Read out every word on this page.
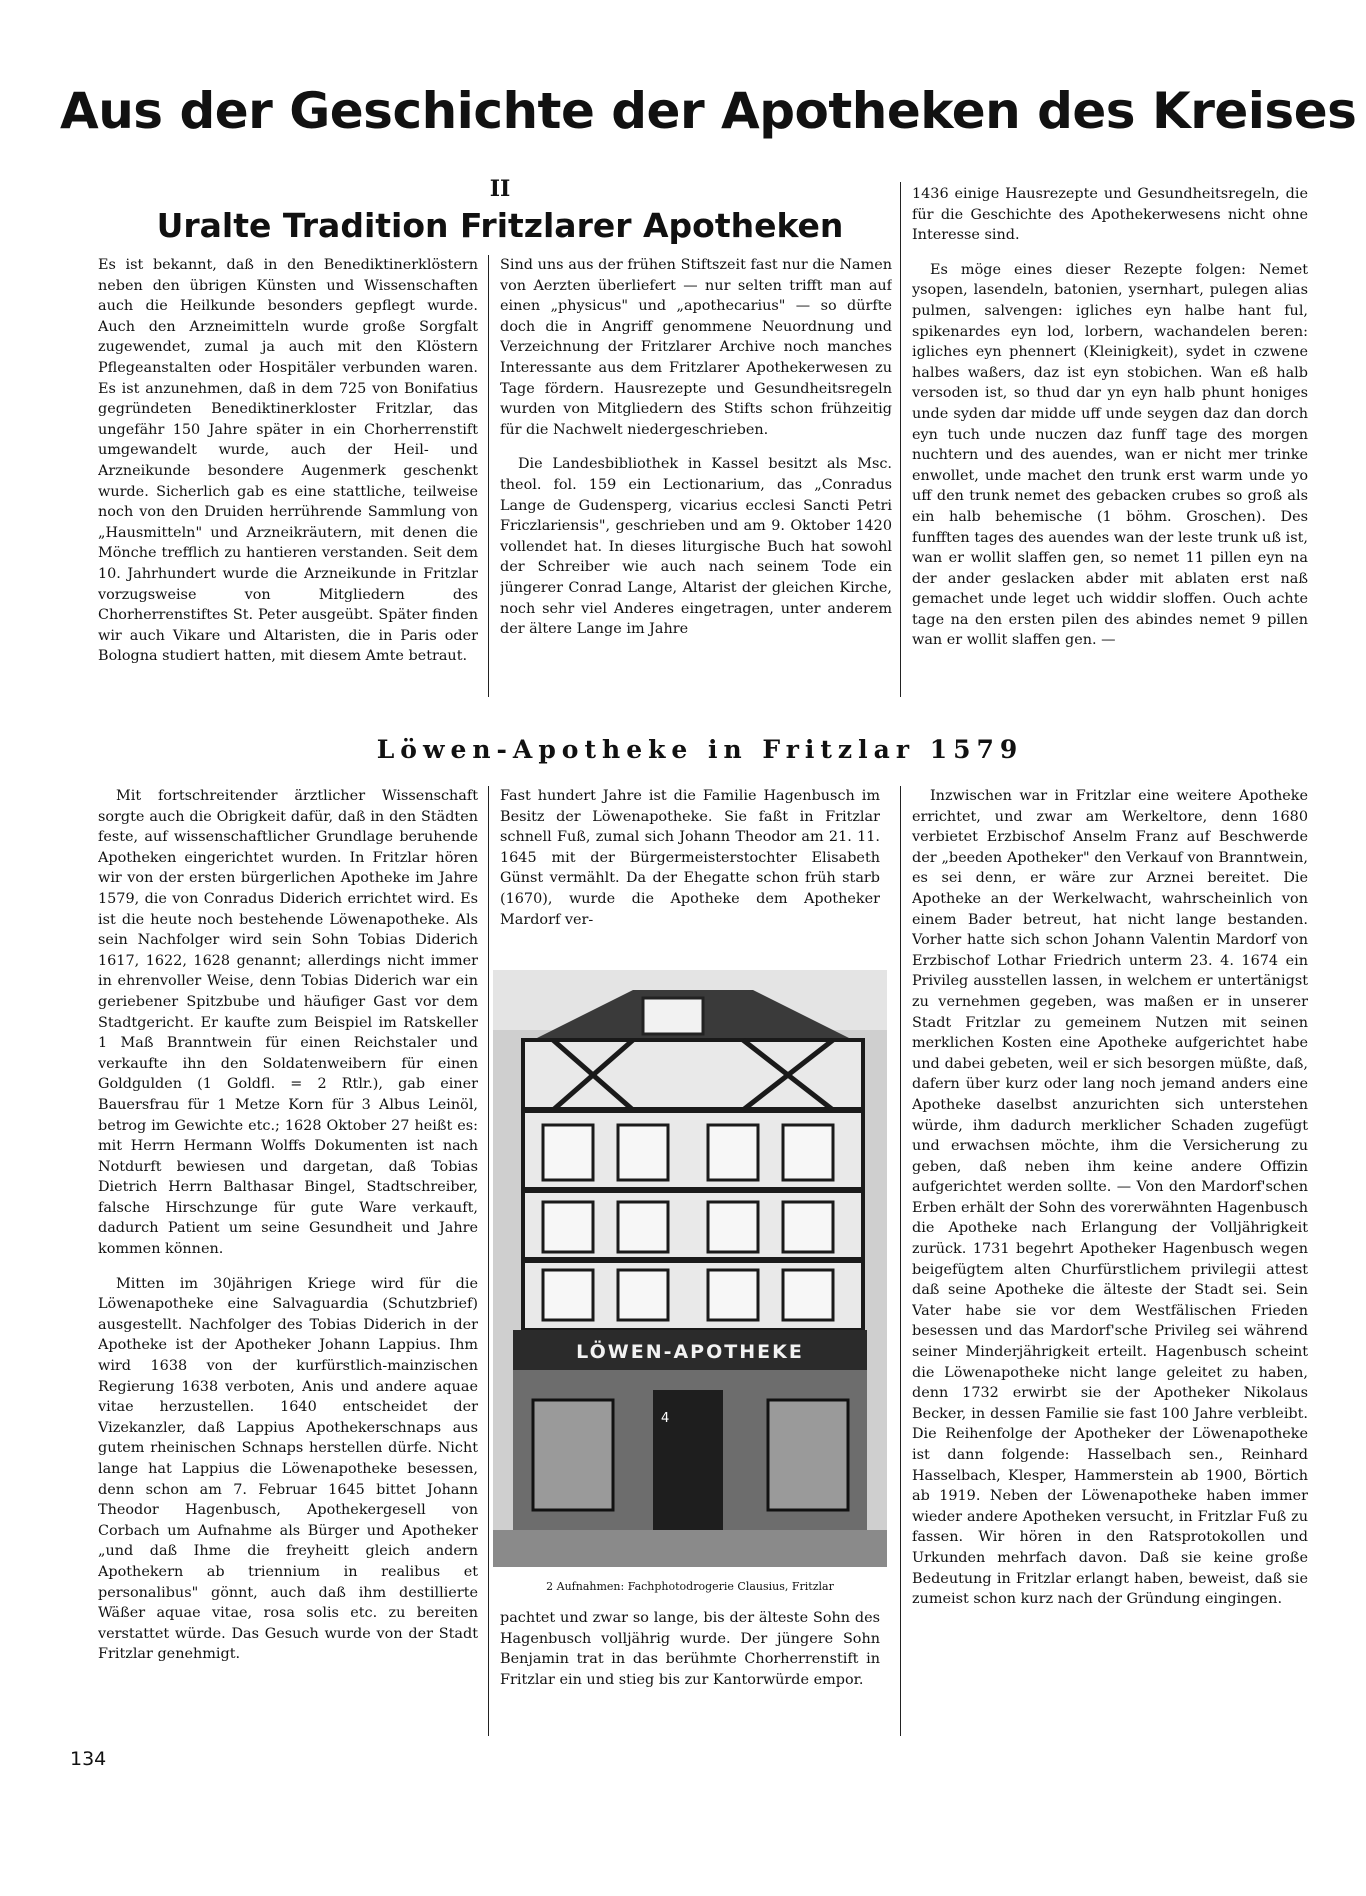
Aus der Geschichte der Apotheken des Kreises
II
Uralte Tradition Fritzlarer Apotheken

Es ist bekannt, daß in den Benediktinerklöstern neben den übrigen Künsten und Wissenschaften auch die Heilkunde besonders gepflegt wurde. Auch den Arzneimitteln wurde große Sorgfalt zugewendet, zumal ja auch mit den Klöstern Pflegeanstalten oder Hospitäler verbunden waren. Es ist anzunehmen, daß in dem 725 von Bonifatius gegründeten Benediktinerkloster Fritzlar, das ungefähr 150 Jahre später in ein Chorherrenstift umgewandelt wurde, auch der Heil- und Arzneikunde besondere Augenmerk geschenkt wurde. Sicherlich gab es eine stattliche, teilweise noch von den Druiden herrührende Sammlung von „Hausmitteln" und Arzneikräutern, mit denen die Mönche trefflich zu hantieren verstanden. Seit dem 10. Jahrhundert wurde die Arzneikunde in Fritzlar vorzugsweise von Mitgliedern des Chorherrenstiftes St. Peter ausgeübt. Später finden wir auch Vikare und Altaristen, die in Paris oder Bologna studiert hatten, mit diesem Amte betraut.

Sind uns aus der frühen Stiftszeit fast nur die Namen von Aerzten überliefert — nur selten trifft man auf einen „physicus" und „apothecarius" — so dürfte doch die in Angriff genommene Neuordnung und Verzeichnung der Fritzlarer Archive noch manches Interessante aus dem Fritzlarer Apothekerwesen zu Tage fördern. Hausrezepte und Gesundheitsregeln wurden von Mitgliedern des Stifts schon frühzeitig für die Nachwelt niedergeschrieben.

Die Landesbibliothek in Kassel besitzt als Msc. theol. fol. 159 ein Lectionarium, das „Conradus Lange de Gudensperg, vicarius ecclesi Sancti Petri Friczlariensis", geschrieben und am 9. Oktober 1420 vollendet hat. In dieses liturgische Buch hat sowohl der Schreiber wie auch nach seinem Tode ein jüngerer Conrad Lange, Altarist der gleichen Kirche, noch sehr viel Anderes eingetragen, unter anderem der ältere Lange im Jahre

1436 einige Hausrezepte und Gesundheitsregeln, die für die Geschichte des Apothekerwesens nicht ohne Interesse sind.

Es möge eines dieser Rezepte folgen: Nemet ysopen, lasendeln, batonien, ysernhart, pulegen alias pulmen, salvengen: igliches eyn halbe hant ful, spikenardes eyn lod, lorbern, wachandelen beren: igliches eyn phennert (Kleinigkeit), sydet in czwene halbes waßers, daz ist eyn stobichen. Wan eß halb versoden ist, so thud dar yn eyn halb phunt honiges unde syden dar midde uff unde seygen daz dan dorch eyn tuch unde nuczen daz funff tage des morgen nuchtern und des auendes, wan er nicht mer trinke enwollet, unde machet den trunk erst warm unde yo uff den trunk nemet des gebacken crubes so groß als ein halb behemische (1 böhm. Groschen). Des funfften tages des auendes wan der leste trunk uß ist, wan er wollit slaffen gen, so nemet 11 pillen eyn na der ander geslacken abder mit ablaten erst naß gemachet unde leget uch widdir sloffen. Ouch achte tage na den ersten pilen des abindes nemet 9 pillen wan er wollit slaffen gen. —

Löwen-Apotheke in Fritzlar 1579

Mit fortschreitender ärztlicher Wissenschaft sorgte auch die Obrigkeit dafür, daß in den Städten feste, auf wissenschaftlicher Grundlage beruhende Apotheken eingerichtet wurden. In Fritzlar hören wir von der ersten bürgerlichen Apotheke im Jahre 1579, die von Conradus Diderich errichtet wird. Es ist die heute noch bestehende Löwenapotheke. Als sein Nachfolger wird sein Sohn Tobias Diderich 1617, 1622, 1628 genannt; allerdings nicht immer in ehrenvoller Weise, denn Tobias Diderich war ein geriebener Spitzbube und häufiger Gast vor dem Stadtgericht. Er kaufte zum Beispiel im Ratskeller 1 Maß Branntwein für einen Reichstaler und verkaufte ihn den Soldatenweibern für einen Goldgulden (1 Goldfl. = 2 Rtlr.), gab einer Bauersfrau für 1 Metze Korn für 3 Albus Leinöl, betrog im Gewichte etc.; 1628 Oktober 27 heißt es: mit Herrn Hermann Wolffs Dokumenten ist nach Notdurft bewiesen und dargetan, daß Tobias Dietrich Herrn Balthasar Bingel, Stadtschreiber, falsche Hirschzunge für gute Ware verkauft, dadurch Patient um seine Gesundheit und Jahre kommen können.

Mitten im 30jährigen Kriege wird für die Löwenapotheke eine Salvaguardia (Schutzbrief) ausgestellt. Nachfolger des Tobias Diderich in der Apotheke ist der Apotheker Johann Lappius. Ihm wird 1638 von der kurfürstlich-mainzischen Regierung 1638 verboten, Anis und andere aquae vitae herzustellen. 1640 entscheidet der Vizekanzler, daß Lappius Apothekerschnaps aus gutem rheinischen Schnaps herstellen dürfe. Nicht lange hat Lappius die Löwenapotheke besessen, denn schon am 7. Februar 1645 bittet Johann Theodor Hagenbusch, Apothekergesell von Corbach um Aufnahme als Bürger und Apotheker „und daß Ihme die freyheitt gleich andern Apothekern ab triennium in realibus et personalibus" gönnt, auch daß ihm destillierte Wäßer aquae vitae, rosa solis etc. zu bereiten verstattet würde. Das Gesuch wurde von der Stadt Fritzlar genehmigt.

Fast hundert Jahre ist die Familie Hagenbusch im Besitz der Löwenapotheke. Sie faßt in Fritzlar schnell Fuß, zumal sich Johann Theodor am 21. 11. 1645 mit der Bürgermeisterstochter Elisabeth Günst vermählt. Da der Ehegatte schon früh starb (1670), wurde die Apotheke dem Apotheker Mardorf ver-

LÖWEN-APOTHEKE
4
2 Aufnahmen: Fachphotodrogerie Clausius, Fritzlar

pachtet und zwar so lange, bis der älteste Sohn des Hagenbusch volljährig wurde. Der jüngere Sohn Benjamin trat in das berühmte Chorherrenstift in Fritzlar ein und stieg bis zur Kantorwürde empor.

Inzwischen war in Fritzlar eine weitere Apotheke errichtet, und zwar am Werkeltore, denn 1680 verbietet Erzbischof Anselm Franz auf Beschwerde der „beeden Apotheker" den Verkauf von Branntwein, es sei denn, er wäre zur Arznei bereitet. Die Apotheke an der Werkelwacht, wahrscheinlich von einem Bader betreut, hat nicht lange bestanden. Vorher hatte sich schon Johann Valentin Mardorf von Erzbischof Lothar Friedrich unterm 23. 4. 1674 ein Privileg ausstellen lassen, in welchem er untertänigst zu vernehmen gegeben, was maßen er in unserer Stadt Fritzlar zu gemeinem Nutzen mit seinen merklichen Kosten eine Apotheke aufgerichtet habe und dabei gebeten, weil er sich besorgen müßte, daß, dafern über kurz oder lang noch jemand anders eine Apotheke daselbst anzurichten sich unterstehen würde, ihm dadurch merklicher Schaden zugefügt und erwachsen möchte, ihm die Versicherung zu geben, daß neben ihm keine andere Offizin aufgerichtet werden sollte. — Von den Mardorf'schen Erben erhält der Sohn des vorerwähnten Hagenbusch die Apotheke nach Erlangung der Volljährigkeit zurück. 1731 begehrt Apotheker Hagenbusch wegen beigefügtem alten Churfürstlichem privilegii attest daß seine Apotheke die älteste der Stadt sei. Sein Vater habe sie vor dem Westfälischen Frieden besessen und das Mardorf'sche Privileg sei während seiner Minderjährigkeit erteilt. Hagenbusch scheint die Löwenapotheke nicht lange geleitet zu haben, denn 1732 erwirbt sie der Apotheker Nikolaus Becker, in dessen Familie sie fast 100 Jahre verbleibt. Die Reihenfolge der Apotheker der Löwenapotheke ist dann folgende: Hasselbach sen., Reinhard Hasselbach, Klesper, Hammerstein ab 1900, Börtich ab 1919. Neben der Löwenapotheke haben immer wieder andere Apotheken versucht, in Fritzlar Fuß zu fassen. Wir hören in den Ratsprotokollen und Urkunden mehrfach davon. Daß sie keine große Bedeutung in Fritzlar erlangt haben, beweist, daß sie zumeist schon kurz nach der Gründung eingingen.

134
